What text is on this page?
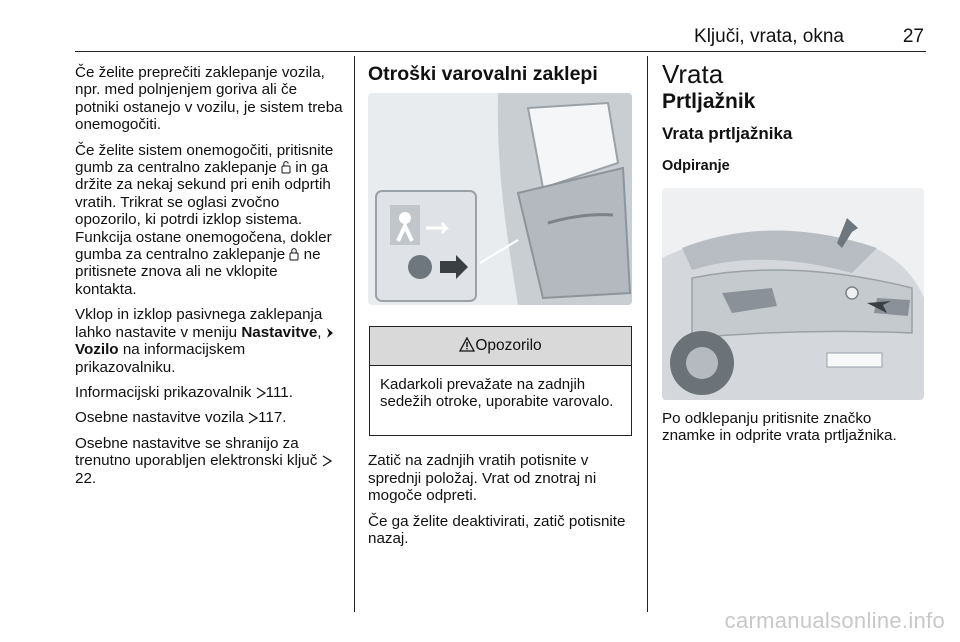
Ključi, vrata, okna	27

Če želite preprečiti zaklepanje vozila, npr. med polnjenjem goriva ali če potniki ostanejo v vozilu, je sistem treba onemogočiti.

Če želite sistem onemogočiti, pritisnite gumb za centralno zaklepanje  in ga držite za nekaj sekund pri enih odprtih vratih. Trikrat se oglasi zvočno opozorilo, ki potrdi izklop sistema. Funkcija ostane onemogočena, dokler gumba za centralno zaklepanje  ne pritisnete znova ali ne vklopite kontakta.

Vklop in izklop pasivnega zaklepanja lahko nastavite v meniju Nastavitve, Vozilo na informacijskem prikazovalniku.

Informacijski prikazovalnik 111.

Osebne nastavitve vozila 117.

Osebne nastavitve se shranijo za trenutno uporabljen elektronski ključ 22.

Otroški varovalni zaklepi

Zatič na zadnjih vratih potisnite v sprednji položaj. Vrat od znotraj ni mogoče odpreti.

Če ga želite deaktivirati, zatič potisnite nazaj.

Opozorilo
Kadarkoli prevažate na zadnjih sedežih otroke, uporabite varovalo.
Vrata
Prtljažnik
Vrata prtljažnika
Odpiranje

Po odklepanju pritisnite značko znamke in odprite vrata prtljažnika.

carmanualsonline.info
